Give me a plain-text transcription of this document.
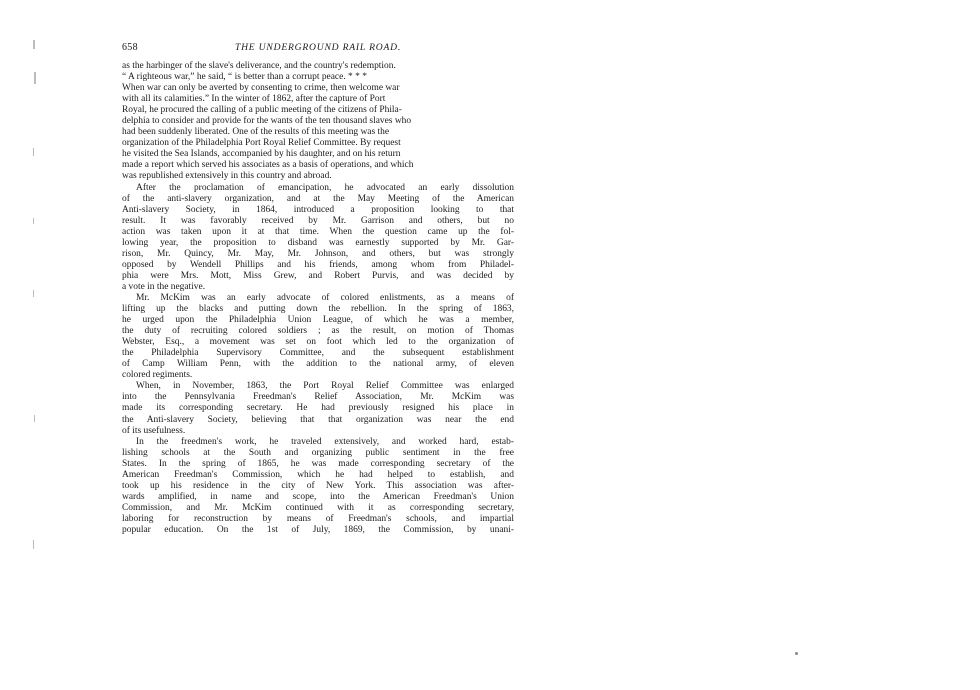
658	THE UNDERGROUND RAIL ROAD.

as the harbinger of the slave's deliverance, and the country's redemption.
“ A righteous war,” he said, “ is better than a corrupt peace. * * *
When war can only be averted by consenting to crime, then welcome war
with all its calamities.” In the winter of 1862, after the capture of Port
Royal, he procured the calling of a public meeting of the citizens of Phila-
delphia to consider and provide for the wants of the ten thousand slaves who
had been suddenly liberated. One of the results of this meeting was the
organization of the Philadelphia Port Royal Relief Committee. By request
he visited the Sea Islands, accompanied by his daughter, and on his return
made a report which served his associates as a basis of operations, and which
was republished extensively in this country and abroad.

After the proclamation of emancipation, he advocated an early dissolution
of the anti-slavery organization, and at the May Meeting of the American
Anti-slavery Society, in 1864, introduced a proposition looking to that
result. It was favorably received by Mr. Garrison and others, but no
action was taken upon it at that time. When the question came up the fol-
lowing year, the proposition to disband was earnestly supported by Mr. Gar-
rison, Mr. Quincy, Mr. May, Mr. Johnson, and others, but was strongly
opposed by Wendell Phillips and his friends, among whom from Philadel-
phia were Mrs. Mott, Miss Grew, and Robert Purvis, and was decided by
a vote in the negative.

Mr. McKim was an early advocate of colored enlistments, as a means of
lifting up the blacks and putting down the rebellion. In the spring of 1863,
he urged upon the Philadelphia Union League, of which he was a member,
the duty of recruiting colored soldiers ; as the result, on motion of Thomas
Webster, Esq., a movement was set on foot which led to the organization of
the Philadelphia Supervisory Committee, and the subsequent establishment
of Camp William Penn, with the addition to the national army, of eleven
colored regiments.

When, in November, 1863, the Port Royal Relief Committee was enlarged
into the Pennsylvania Freedman's Relief Association, Mr. McKim was
made its corresponding secretary. He had previously resigned his place in
the Anti-slavery Society, believing that that organization was near the end
of its usefulness.

In the freedmen's work, he traveled extensively, and worked hard, estab-
lishing schools at the South and organizing public sentiment in the free
States. In the spring of 1865, he was made corresponding secretary of the
American Freedman's Commission, which he had helped to establish, and
took up his residence in the city of New York. This association was after-
wards amplified, in name and scope, into the American Freedman's Union
Commission, and Mr. McKim continued with it as corresponding secretary,
laboring for reconstruction by means of Freedman's schools, and impartial
popular education. On the 1st of July, 1869, the Commission, by unani-
